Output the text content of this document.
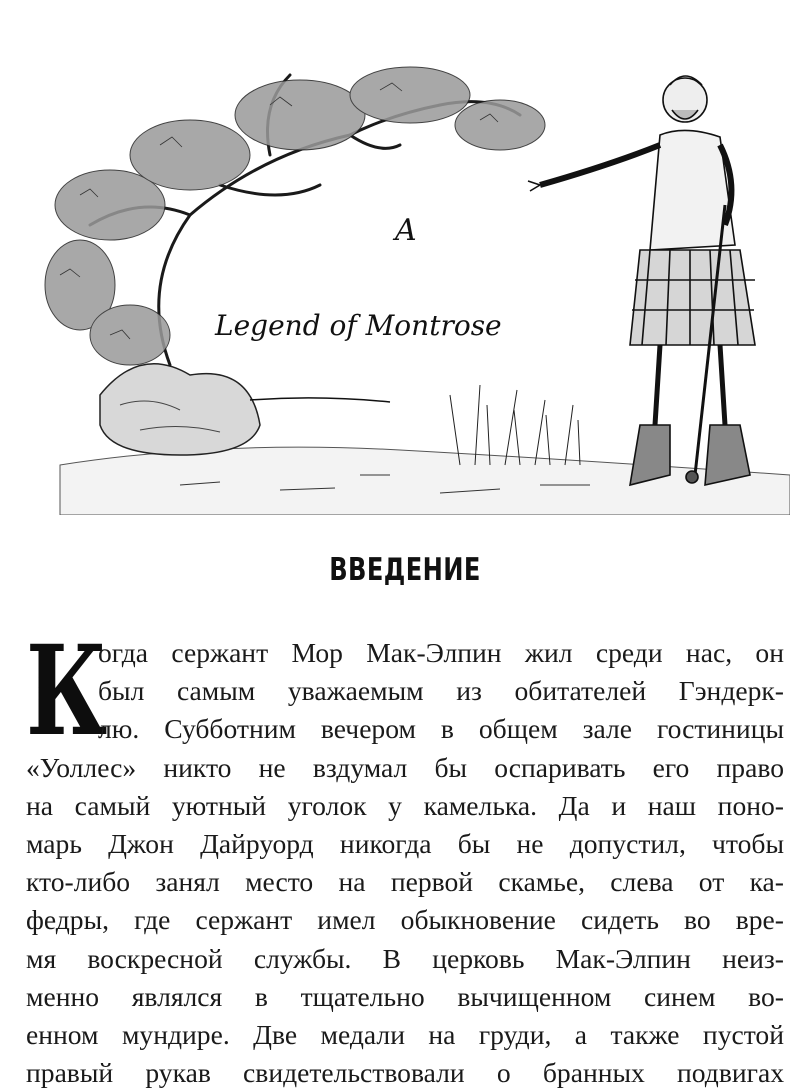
A
Legend of Montrose
ВВЕДЕНИЕ
К
огда сержант Мор Мак-Элпин жил среди нас, он
был самым уважаемым из обитателей Гэндерк-
лю. Субботним вечером в общем зале гостиницы
«Уоллес» никто не вздумал бы оспаривать его право
на самый уютный уголок у камелька. Да и наш поно-
марь Джон Дайруорд никогда бы не допустил, чтобы
кто-либо занял место на первой скамье, слева от ка-
федры, где сержант имел обыкновение сидеть во вре-
мя воскресной службы. В церковь Мак-Элпин неиз-
менно являлся в тщательно вычищенном синем во-
енном мундире. Две медали на груди, а также пустой
правый рукав свидетельствовали о бранных подвигах
